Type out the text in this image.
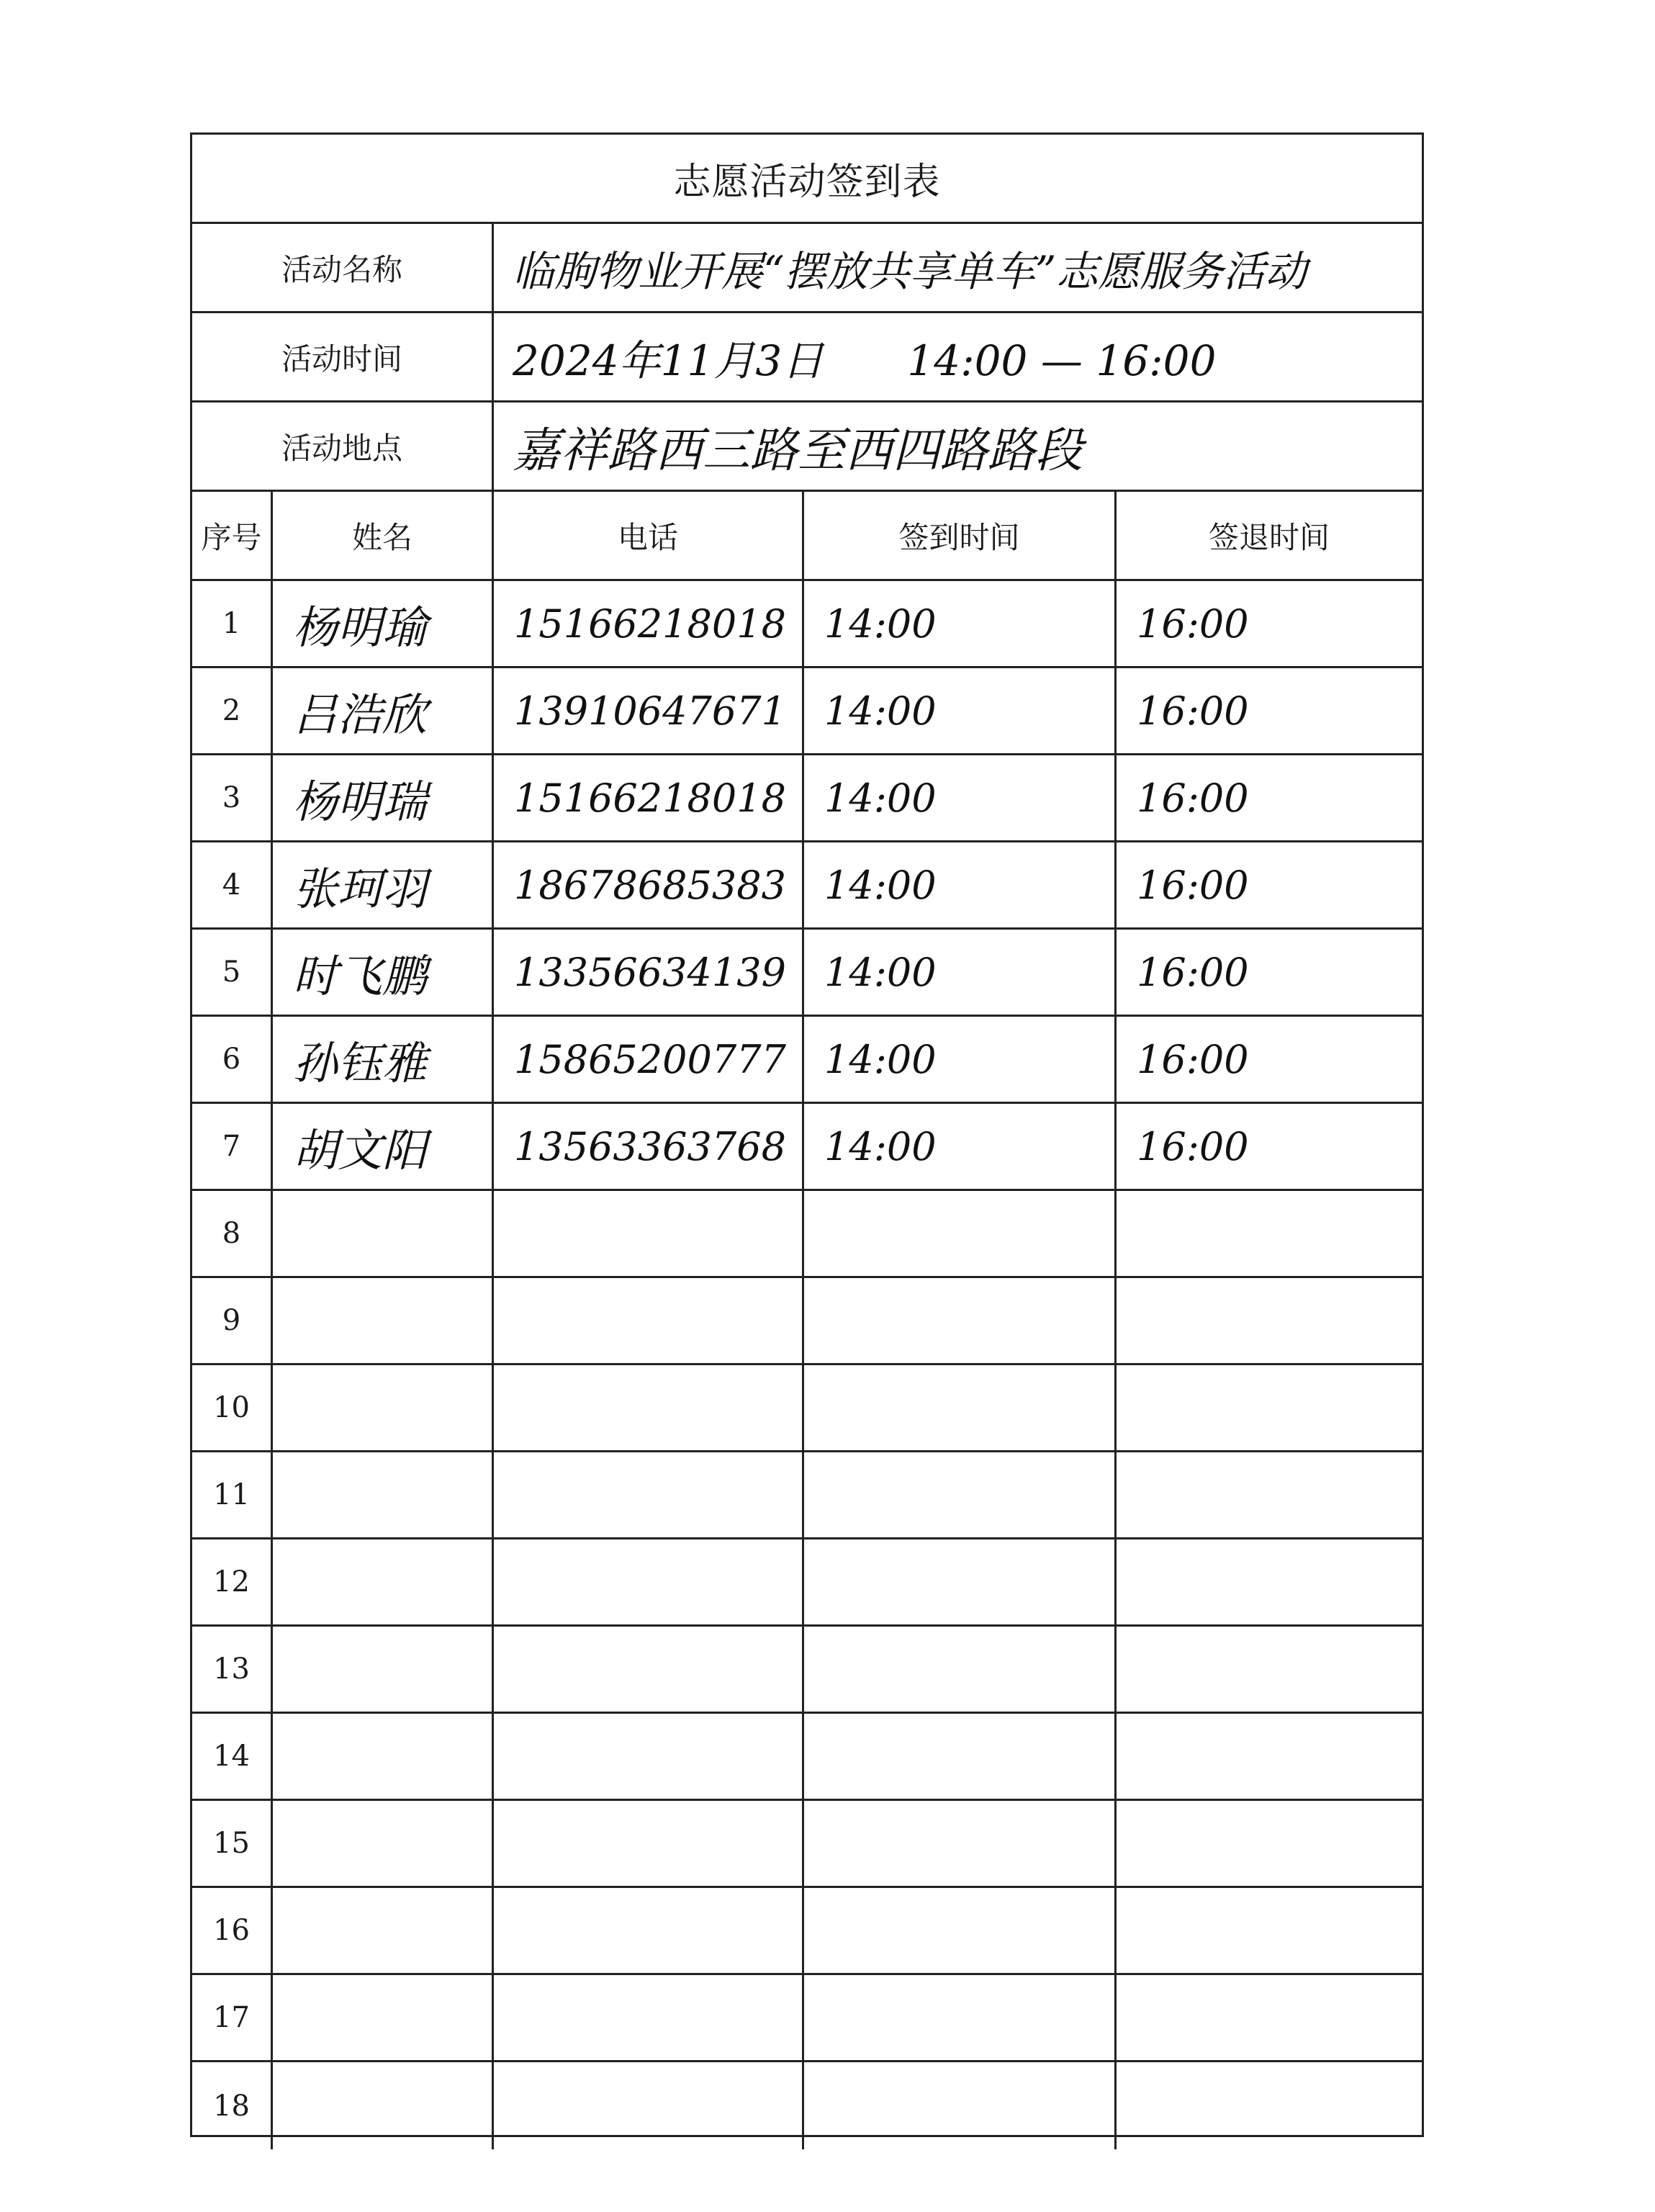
志愿活动签到表
活动名称	临朐物业开展“摆放共享单车”志愿服务活动
活动时间	2024年11月3日　　14:00 — 16:00
活动地点	嘉祥路西三路至西四路路段
序号	姓名	电话	签到时间	签退时间
1	杨明瑜	15166218018 14:00	16:00
2	吕浩欣	13910647671 14:00	16:00
3	杨明瑞	15166218018 14:00	16:00
4	张珂羽	18678685383 14:00	16:00
5	时飞鹏	13356634139 14:00	16:00
6	孙钰雅	15865200777 14:00	16:00
7	胡文阳	13563363768 14:00	16:00
8
9
10
11
12
13
14
15
16
17
18
